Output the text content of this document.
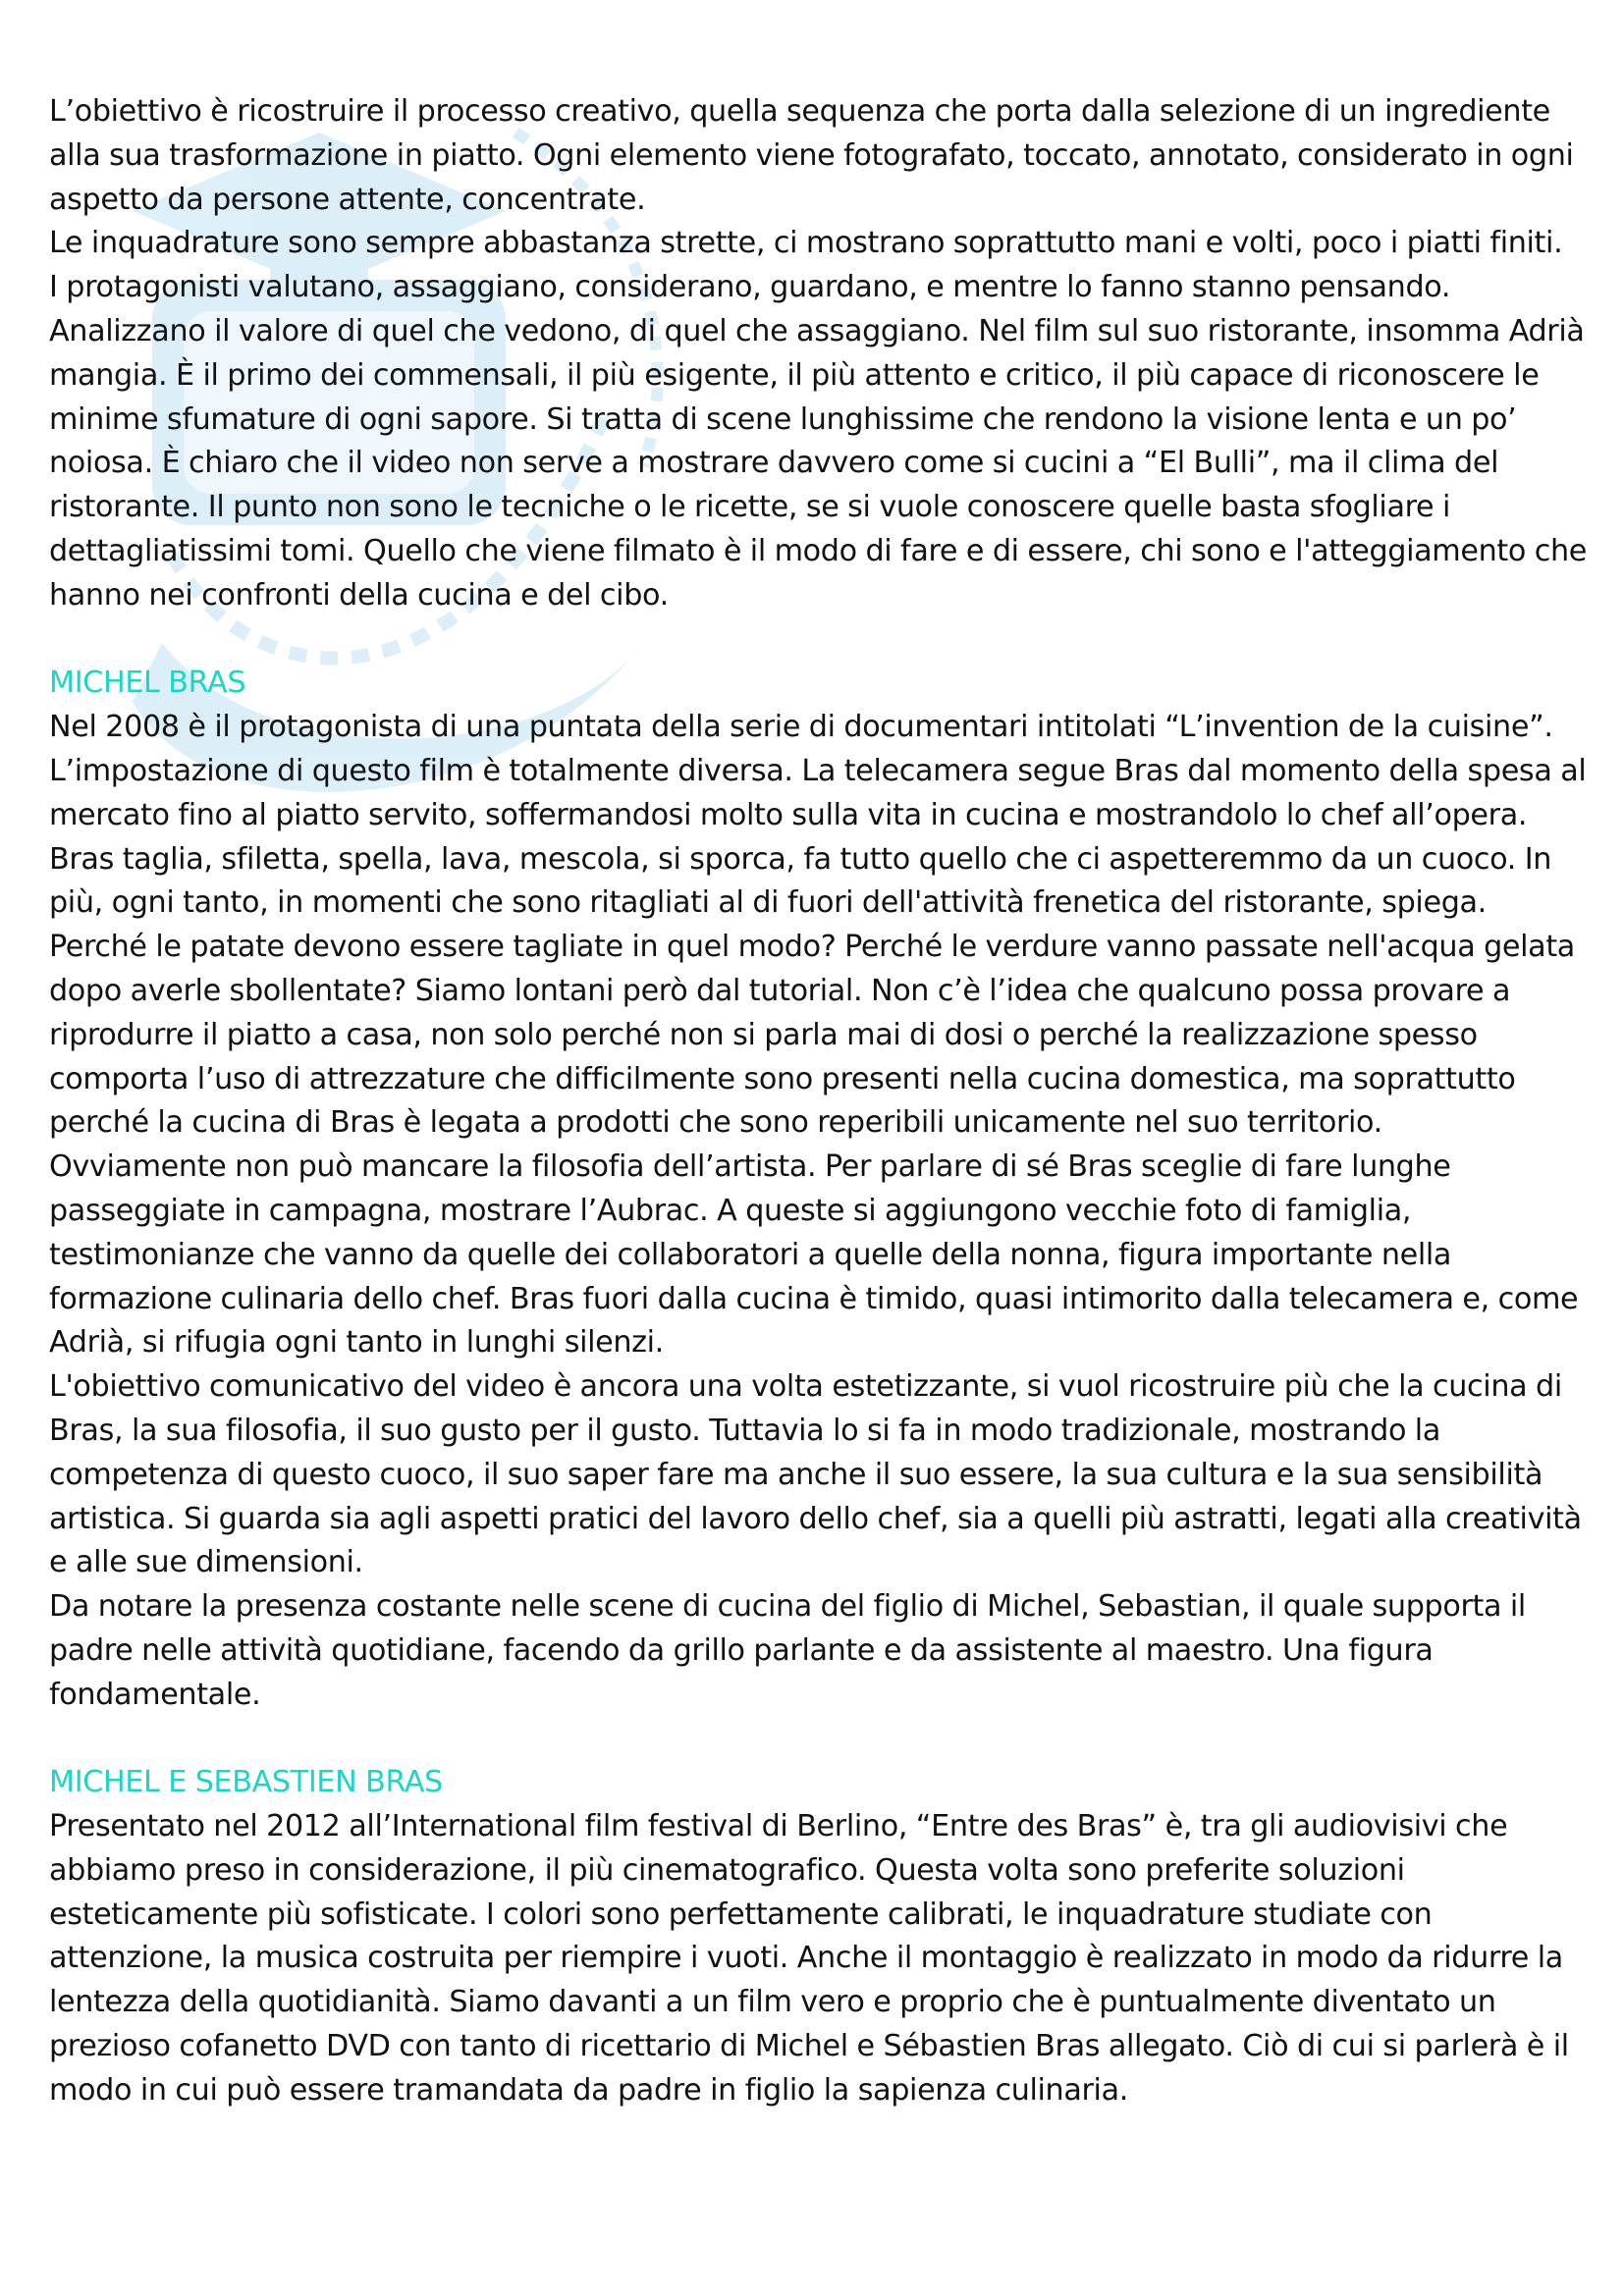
L’obiettivo è ricostruire il processo creativo, quella sequenza che porta dalla selezione di un ingrediente alla sua trasformazione in piatto. Ogni elemento viene fotografato, toccato, annotato, considerato in ogni aspetto da persone attente, concentrate.

Le inquadrature sono sempre abbastanza strette, ci mostrano soprattutto mani e volti, poco i piatti finiti.

I protagonisti valutano, assaggiano, considerano, guardano, e mentre lo fanno stanno pensando. Analizzano il valore di quel che vedono, di quel che assaggiano. Nel film sul suo ristorante, insomma Adrià mangia. È il primo dei commensali, il più esigente, il più attento e critico, il più capace di riconoscere le minime sfumature di ogni sapore. Si tratta di scene lunghissime che rendono la visione lenta e un po’ noiosa. È chiaro che il video non serve a mostrare davvero come si cucini a “El Bulli”, ma il clima del ristorante. Il punto non sono le tecniche o le ricette, se si vuole conoscere quelle basta sfogliare i dettagliatissimi tomi. Quello che viene filmato è il modo di fare e di essere, chi sono e l'atteggiamento che hanno nei confronti della cucina e del cibo.

MICHEL BRAS

Nel 2008 è il protagonista di una puntata della serie di documentari intitolati “L’invention de la cuisine”. L’impostazione di questo film è totalmente diversa. La telecamera segue Bras dal momento della spesa al mercato fino al piatto servito, soffermandosi molto sulla vita in cucina e mostrandolo lo chef all’opera. Bras taglia, sfiletta, spella, lava, mescola, si sporca, fa tutto quello che ci aspetteremmo da un cuoco. In più, ogni tanto, in momenti che sono ritagliati al di fuori dell'attività frenetica del ristorante, spiega. Perché le patate devono essere tagliate in quel modo? Perché le verdure vanno passate nell'acqua gelata dopo averle sbollentate? Siamo lontani però dal tutorial. Non c’è l’idea che qualcuno possa provare a riprodurre il piatto a casa, non solo perché non si parla mai di dosi o perché la realizzazione spesso comporta l’uso di attrezzature che difficilmente sono presenti nella cucina domestica, ma soprattutto perché la cucina di Bras è legata a prodotti che sono reperibili unicamente nel suo territorio.

Ovviamente non può mancare la filosofia dell’artista. Per parlare di sé Bras sceglie di fare lunghe passeggiate in campagna, mostrare l’Aubrac. A queste si aggiungono vecchie foto di famiglia, testimonianze che vanno da quelle dei collaboratori a quelle della nonna, figura importante nella formazione culinaria dello chef. Bras fuori dalla cucina è timido, quasi intimorito dalla telecamera e, come Adrià, si rifugia ogni tanto in lunghi silenzi.

L'obiettivo comunicativo del video è ancora una volta estetizzante, si vuol ricostruire più che la cucina di Bras, la sua filosofia, il suo gusto per il gusto. Tuttavia lo si fa in modo tradizionale, mostrando la competenza di questo cuoco, il suo saper fare ma anche il suo essere, la sua cultura e la sua sensibilità artistica. Si guarda sia agli aspetti pratici del lavoro dello chef, sia a quelli più astratti, legati alla creatività e alle sue dimensioni.

Da notare la presenza costante nelle scene di cucina del figlio di Michel, Sebastian, il quale supporta il padre nelle attività quotidiane, facendo da grillo parlante e da assistente al maestro. Una figura fondamentale.

MICHEL E SEBASTIEN BRAS

Presentato nel 2012 all’International film festival di Berlino, “Entre des Bras” è, tra gli audiovisivi che abbiamo preso in considerazione, il più cinematografico. Questa volta sono preferite soluzioni esteticamente più sofisticate. I colori sono perfettamente calibrati, le inquadrature studiate con attenzione, la musica costruita per riempire i vuoti. Anche il montaggio è realizzato in modo da ridurre la lentezza della quotidianità. Siamo davanti a un film vero e proprio che è puntualmente diventato un prezioso cofanetto DVD con tanto di ricettario di Michel e Sébastien Bras allegato. Ciò di cui si parlerà è il modo in cui può essere tramandata da padre in figlio la sapienza culinaria.
